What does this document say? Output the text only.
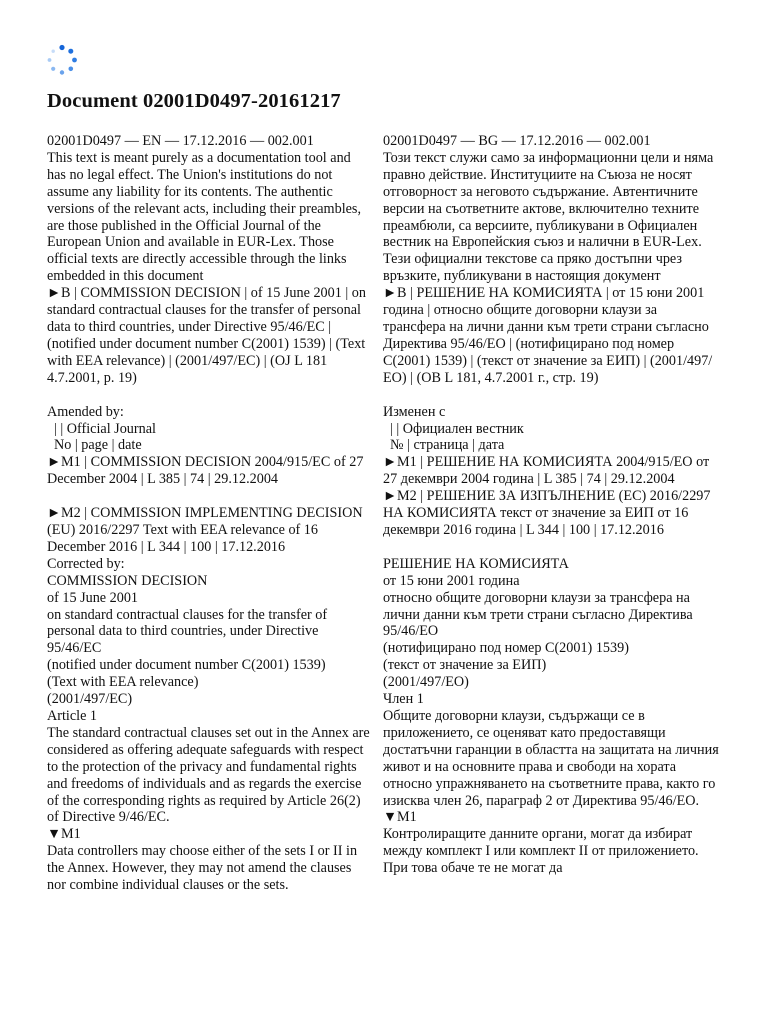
Document 02001D0497-20161217
02001D0497 — EN — 17.12.2016 — 002.001
This text is meant purely as a documentation tool and has no legal effect. The Union's institutions do not assume any liability for its contents. The authentic versions of the relevant acts, including their preambles, are those published in the Official Journal of the European Union and available in EUR-Lex. Those official texts are directly accessible through the links embedded in this document
►B | COMMISSION DECISION | of 15 June 2001 | on standard contractual clauses for the transfer of personal data to third countries, under Directive 95/46/EC | (notified under document number C(2001) 1539) | (Text with EEA relevance) | (2001/497/EC) | (OJ L 181 4.7.2001, p. 19)
Amended by:
| | Official Journal
No | page | date
►M1 | COMMISSION DECISION 2004/915/EC of 27 December 2004 | L 385 | 74 | 29.12.2004
►M2 | COMMISSION IMPLEMENTING DECISION (EU) 2016/2297 Text with EEA relevance of 16 December 2016 | L 344 | 100 | 17.12.2016
Corrected by:
COMMISSION DECISION
of 15 June 2001
on standard contractual clauses for the transfer of personal data to third countries, under Directive 95/46/EC
(notified under document number C(2001) 1539)
(Text with EEA relevance)
(2001/497/EC)
Article 1
The standard contractual clauses set out in the Annex are considered as offering adequate safeguards with respect to the protection of the privacy and fundamental rights and freedoms of individuals and as regards the exercise of the corresponding rights as required by Article 26(2) of Directive 9/46/EC.
▼M1
Data controllers may choose either of the sets I or II in the Annex. However, they may not amend the clauses nor combine individual clauses or the sets.
02001D0497 — BG — 17.12.2016 — 002.001
Този текст служи само за информационни цели и няма правно действие. Институциите на Съюза не носят отговорност за неговото съдържание. Автентичните версии на съответните актове, включително техните преамбюли, са версиите, публикувани в Официален вестник на Европейския съюз и налични в EUR-Lex. Тези официални текстове са пряко достъпни чрез връзките, публикувани в настоящия документ
►B | РЕШЕНИЕ НА КОМИСИЯТА | от 15 юни 2001 година | относно общите договорни клаузи за трансфера на лични данни към трети страни съгласно Директива 95/46/ЕО | (нотифицирано под номер C(2001) 1539) | (текст от значение за ЕИП) | (2001/497/ЕО) | (ОВ L 181, 4.7.2001 г., стр. 19)
Изменен с
| | Официален вестник
№ | страница | дата
►M1 | РЕШЕНИЕ НА КОМИСИЯТА 2004/915/ЕО от 27 декември 2004 година | L 385 | 74 | 29.12.2004
►M2 | РЕШЕНИЕ ЗА ИЗПЪЛНЕНИЕ (ЕС) 2016/2297 НА КОМИСИЯТА текст от значение за ЕИП от 16 декември 2016 година | L 344 | 100 | 17.12.2016
РЕШЕНИЕ НА КОМИСИЯТА
от 15 юни 2001 година
относно общите договорни клаузи за трансфера на лични данни към трети страни съгласно Директива 95/46/ЕО
(нотифицирано под номер C(2001) 1539)
(текст от значение за ЕИП)
(2001/497/ЕО)
Член 1
Общите договорни клаузи, съдържащи се в приложението, се оценяват като предоставящи достатъчни гаранции в областта на защитата на личния живот и на основните права и свободи на хората относно упражняването на съответните права, както го изисква член 26, параграф 2 от Директива 95/46/ЕО.
▼M1
Контролиращите данните органи, могат да избират между комплект I или комплект II от приложението. При това обаче те не могат да
